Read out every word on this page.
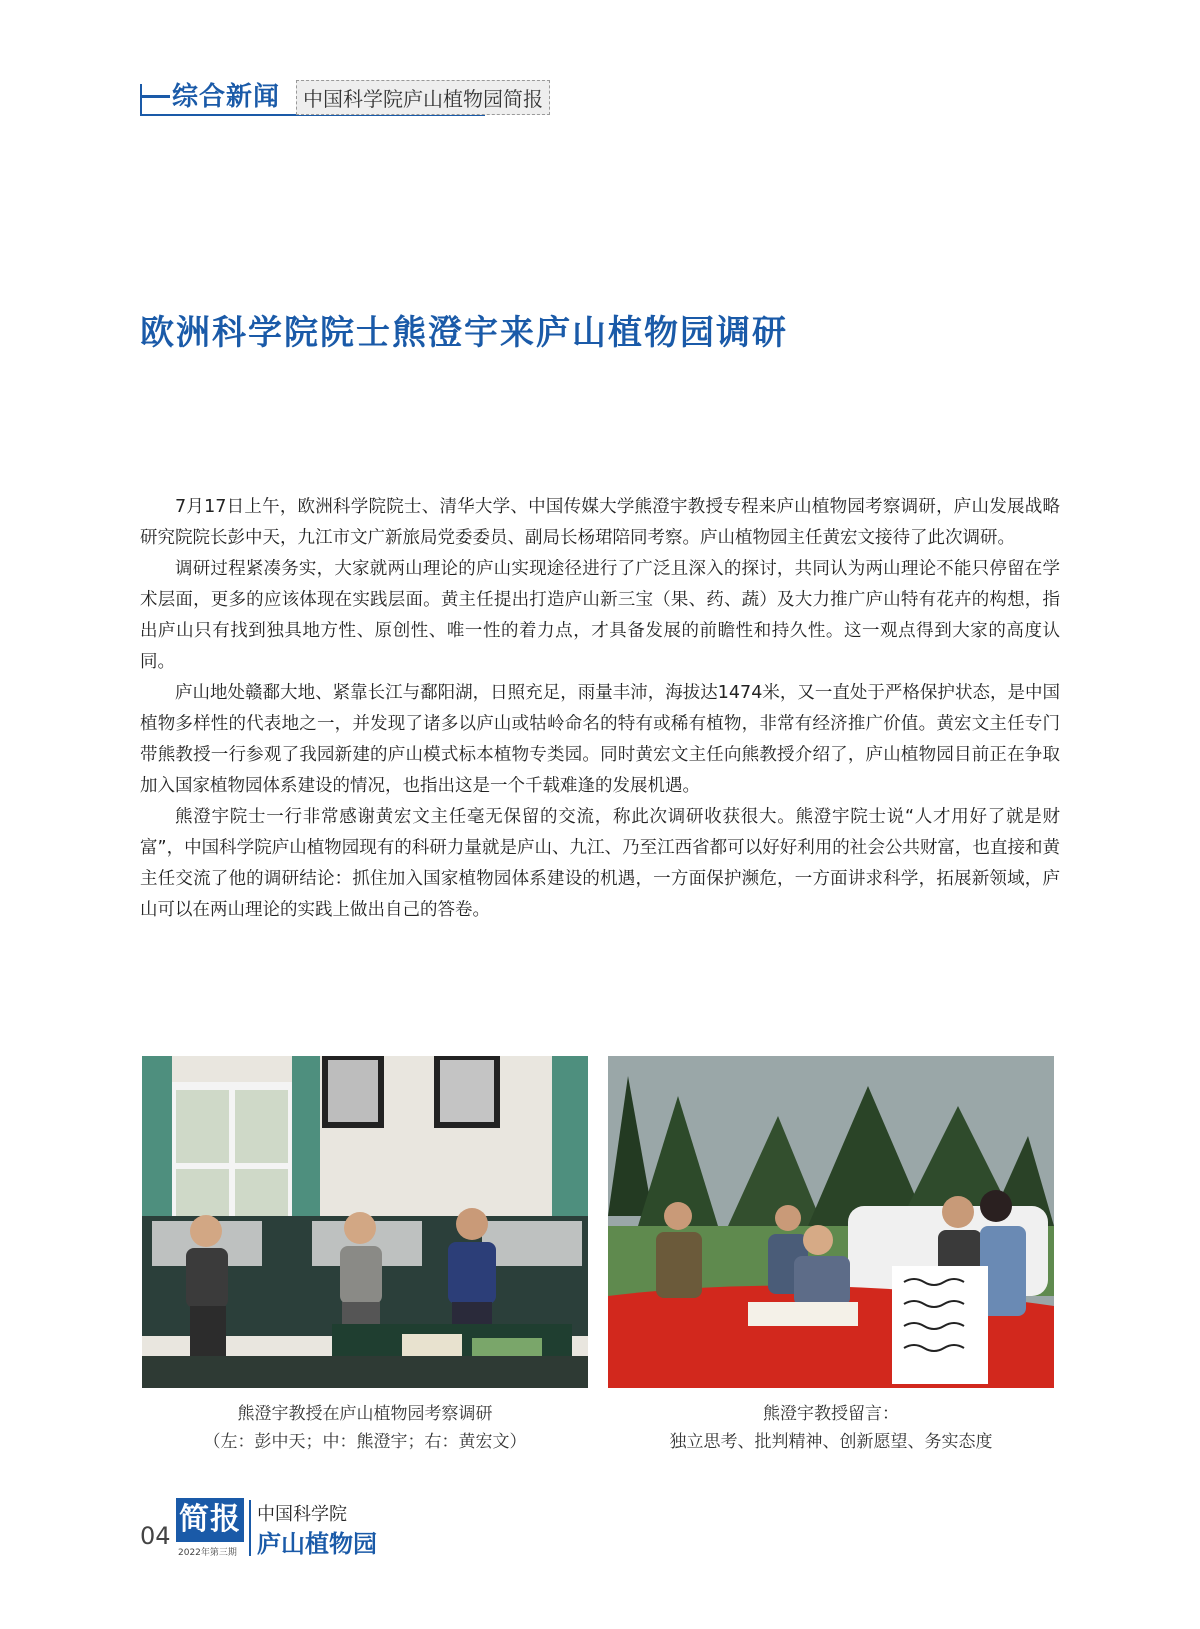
综合新闻	中国科学院庐山植物园简报
欧洲科学院院士熊澄宇来庐山植物园调研

7月17日上午，欧洲科学院院士、清华大学、中国传媒大学熊澄宇教授专程来庐山植物园考察调研，庐山发展战略研究院院长彭中天，九江市文广新旅局党委委员、副局长杨珺陪同考察。庐山植物园主任黄宏文接待了此次调研。

调研过程紧凑务实，大家就两山理论的庐山实现途径进行了广泛且深入的探讨，共同认为两山理论不能只停留在学术层面，更多的应该体现在实践层面。黄主任提出打造庐山新三宝（果、药、蔬）及大力推广庐山特有花卉的构想，指出庐山只有找到独具地方性、原创性、唯一性的着力点，才具备发展的前瞻性和持久性。这一观点得到大家的高度认同。

庐山地处赣鄱大地、紧靠长江与鄱阳湖，日照充足，雨量丰沛，海拔达1474米，又一直处于严格保护状态，是中国植物多样性的代表地之一，并发现了诸多以庐山或牯岭命名的特有或稀有植物，非常有经济推广价值。黄宏文主任专门带熊教授一行参观了我园新建的庐山模式标本植物专类园。同时黄宏文主任向熊教授介绍了，庐山植物园目前正在争取加入国家植物园体系建设的情况，也指出这是一个千载难逢的发展机遇。

熊澄宇院士一行非常感谢黄宏文主任毫无保留的交流，称此次调研收获很大。熊澄宇院士说“人才用好了就是财富”，中国科学院庐山植物园现有的科研力量就是庐山、九江、乃至江西省都可以好好利用的社会公共财富，也直接和黄主任交流了他的调研结论：抓住加入国家植物园体系建设的机遇，一方面保护濒危，一方面讲求科学，拓展新领域，庐山可以在两山理论的实践上做出自己的答卷。

熊澄宇教授在庐山植物园考察调研
（左：彭中天；中：熊澄宇；右：黄宏文）
熊澄宇教授留言：
独立思考、批判精神、创新愿望、务实态度
04 简报
2022年第三期
中国科学院
庐山植物园
